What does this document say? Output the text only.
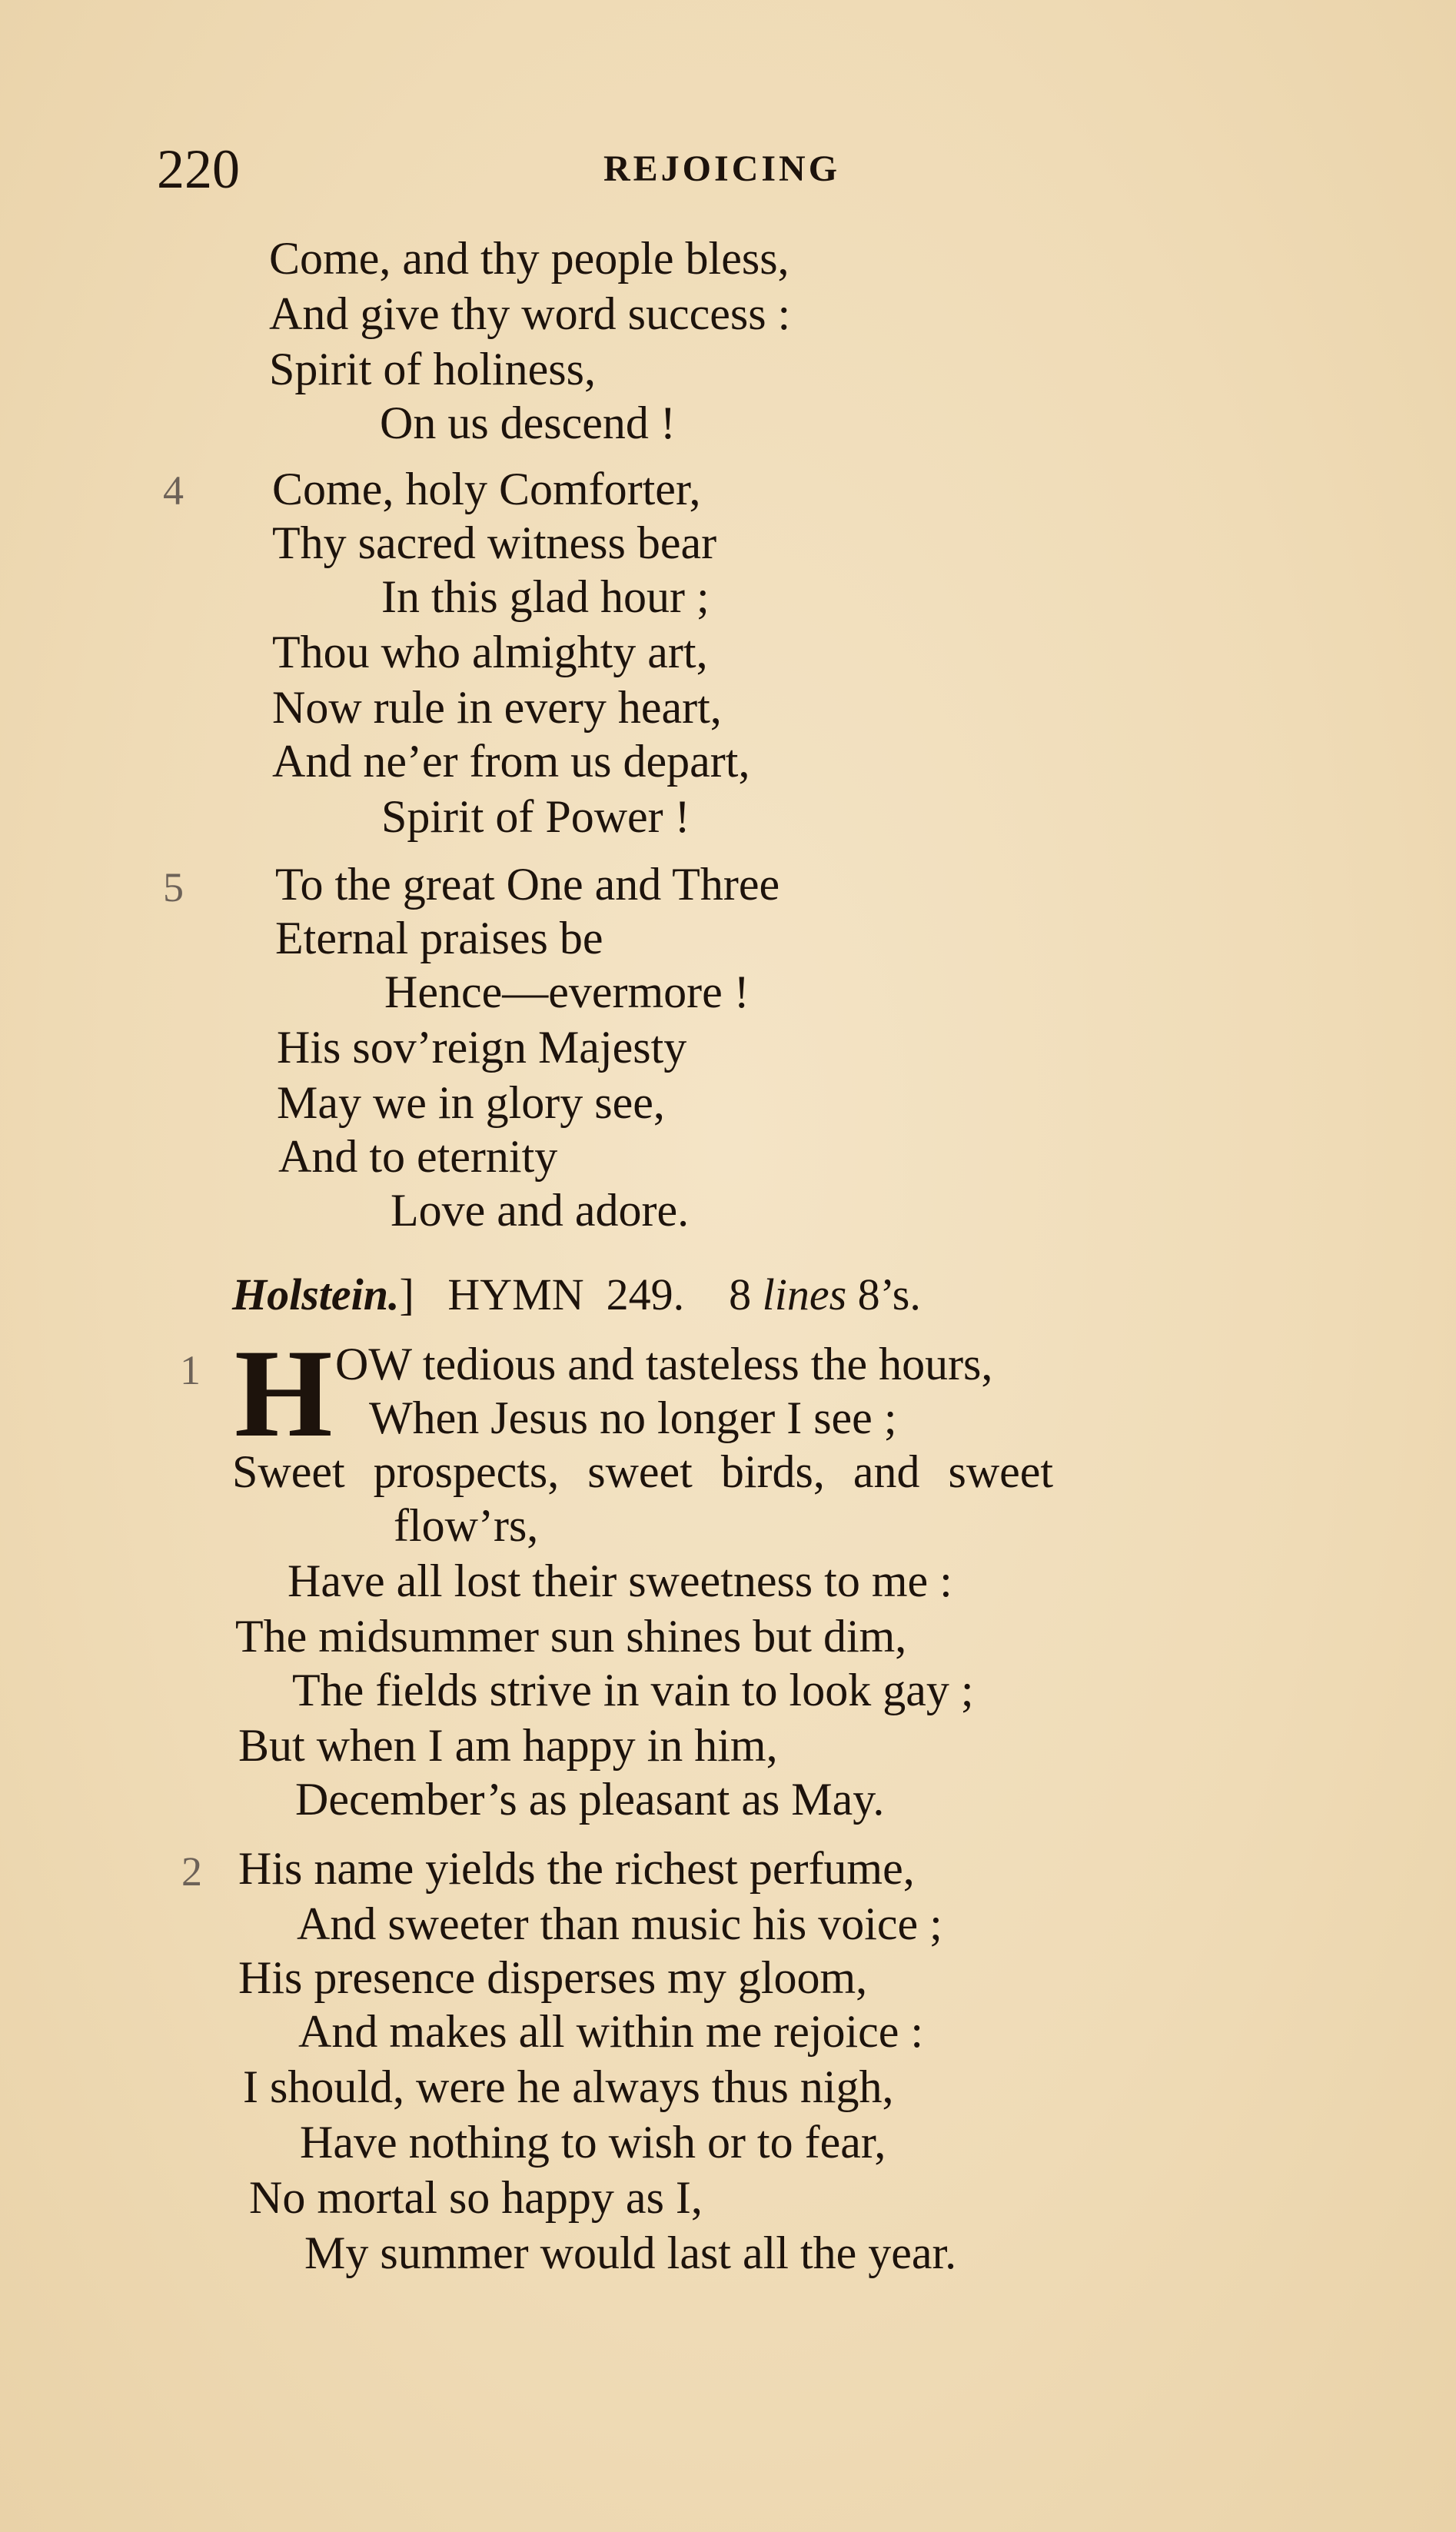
220	REJOICING
Come, and thy people bless,
And give thy word success :
Spirit of holiness,
On us descend !
4 Come, holy Comforter,
Thy sacred witness bear
In this glad hour ;
Thou who almighty art,
Now rule in every heart,
And ne’er from us depart,
Spirit of Power !
5 To the great One and Three
Eternal praises be
Hence—evermore !
His sov’reign Majesty
May we in glory see,
And to eternity
Love and adore.
Holstein.] HYMN 249. 8 lines 8’s.
1 H OW tedious and tasteless the hours,
When Jesus no longer I see ;
Sweet prospects, sweet birds, and sweet
flow’rs,
Have all lost their sweetness to me :
The midsummer sun shines but dim,
The fields strive in vain to look gay ;
But when I am happy in him,
December’s as pleasant as May.
2 His name yields the richest perfume,
And sweeter than music his voice ;
His presence disperses my gloom,
And makes all within me rejoice :
I should, were he always thus nigh,
Have nothing to wish or to fear,
No mortal so happy as I,
My summer would last all the year.
